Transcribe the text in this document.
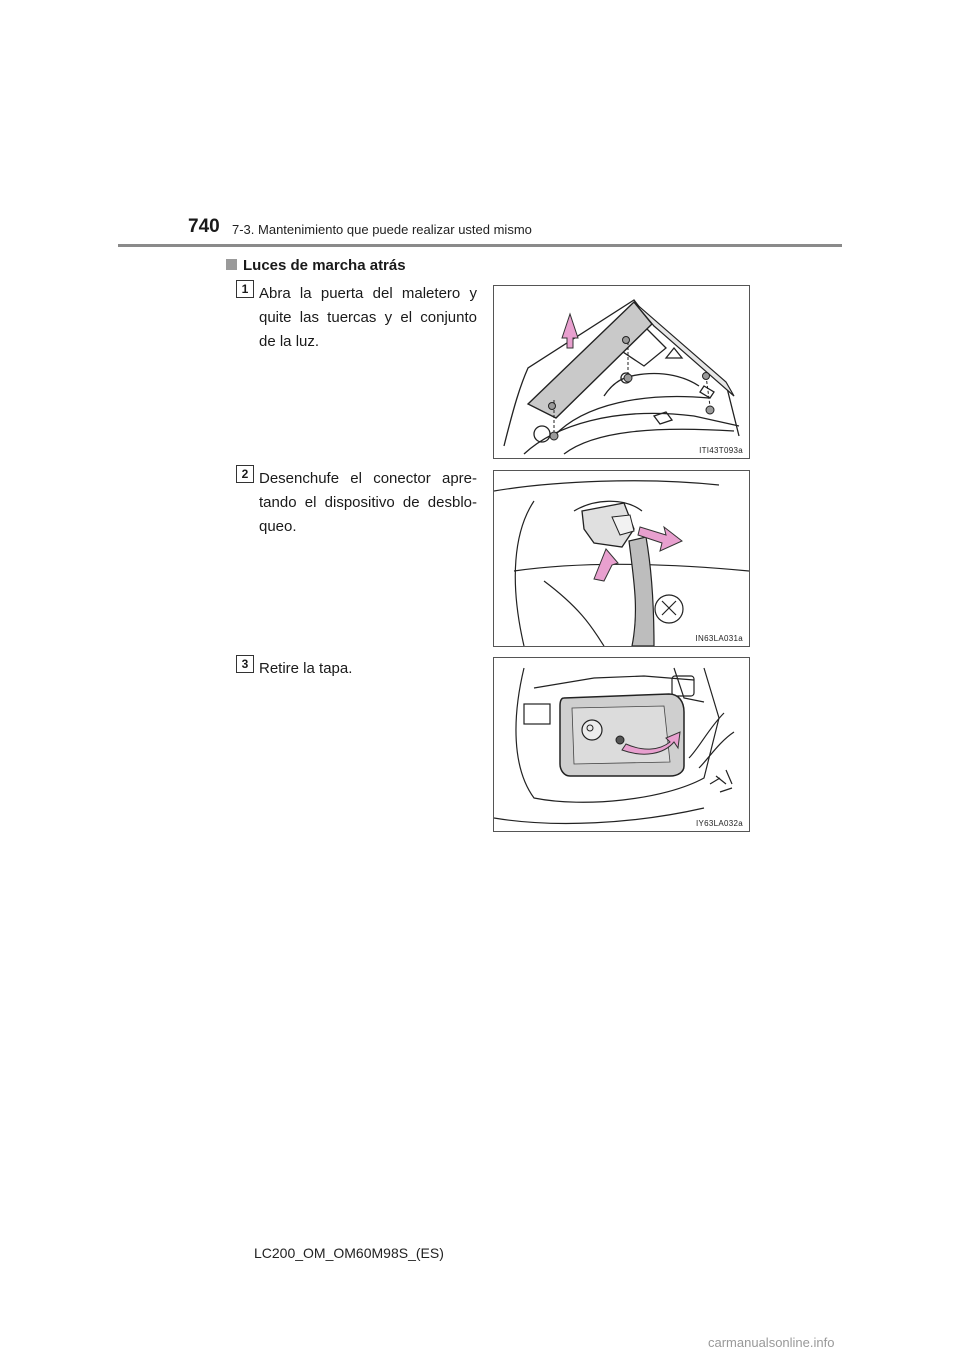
740 7-3. Mantenimiento que puede realizar usted mismo
Luces de marcha atrás
1 Abra la puerta del maletero y quite las tuercas y el conjunto de la luz.
ITI43T093a
2 Desenchufe el conector apre-tando el dispositivo de desblo-queo.
IN63LA031a
3 Retire la tapa.
IY63LA032a
LC200_OM_OM60M98S_(ES)
carmanualsonline.info
